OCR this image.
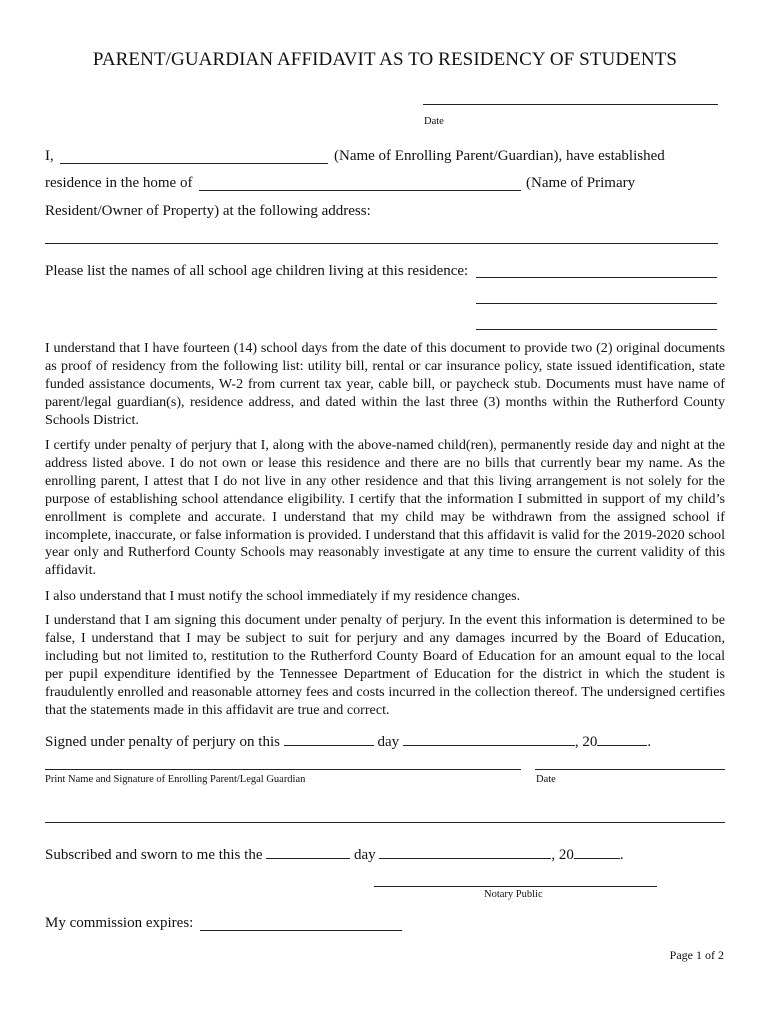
PARENT/GUARDIAN AFFIDAVIT AS TO RESIDENCY OF STUDENTS
Date
I,	(Name of Enrolling Parent/Guardian), have established
residence in the home of	(Name of Primary
Resident/Owner of Property) at the following address:
Please list the names of all school age children living at this residence:

I understand that I have fourteen (14) school days from the date of this document to provide two (2) original documents as proof of residency from the following list: utility bill, rental or car insurance policy, state issued identification, state funded assistance documents, W-2 from current tax year, cable bill, or paycheck stub. Documents must have name of parent/legal guardian(s), residence address, and dated within the last three (3) months within the Rutherford County Schools District.

I certify under penalty of perjury that I, along with the above-named child(ren), permanently reside day and night at the address listed above. I do not own or lease this residence and there are no bills that currently bear my name. As the enrolling parent, I attest that I do not live in any other residence and that this living arrangement is not solely for the purpose of establishing school attendance eligibility. I certify that the information I submitted in support of my child’s enrollment is complete and accurate. I understand that my child may be withdrawn from the assigned school if incomplete, inaccurate, or false information is provided. I understand that this affidavit is valid for the 2019-2020 school year only and Rutherford County Schools may reasonably investigate at any time to ensure the current validity of this affidavit.

I also understand that I must notify the school immediately if my residence changes.

I understand that I am signing this document under penalty of perjury. In the event this information is determined to be false, I understand that I may be subject to suit for perjury and any damages incurred by the Board of Education, including but not limited to, restitution to the Rutherford County Board of Education for an amount equal to the local per pupil expenditure identified by the Tennessee Department of Education for the district in which the student is fraudulently enrolled and reasonable attorney fees and costs incurred in the collection thereof. The undersigned certifies that the statements made in this affidavit are true and correct.

Signed under penalty of perjury on this	day	, 20	.
Print Name and Signature of Enrolling Parent/Legal Guardian	Date
Subscribed and sworn to me this the	day	, 20	.
Notary Public
My commission expires:
Page 1 of 2
